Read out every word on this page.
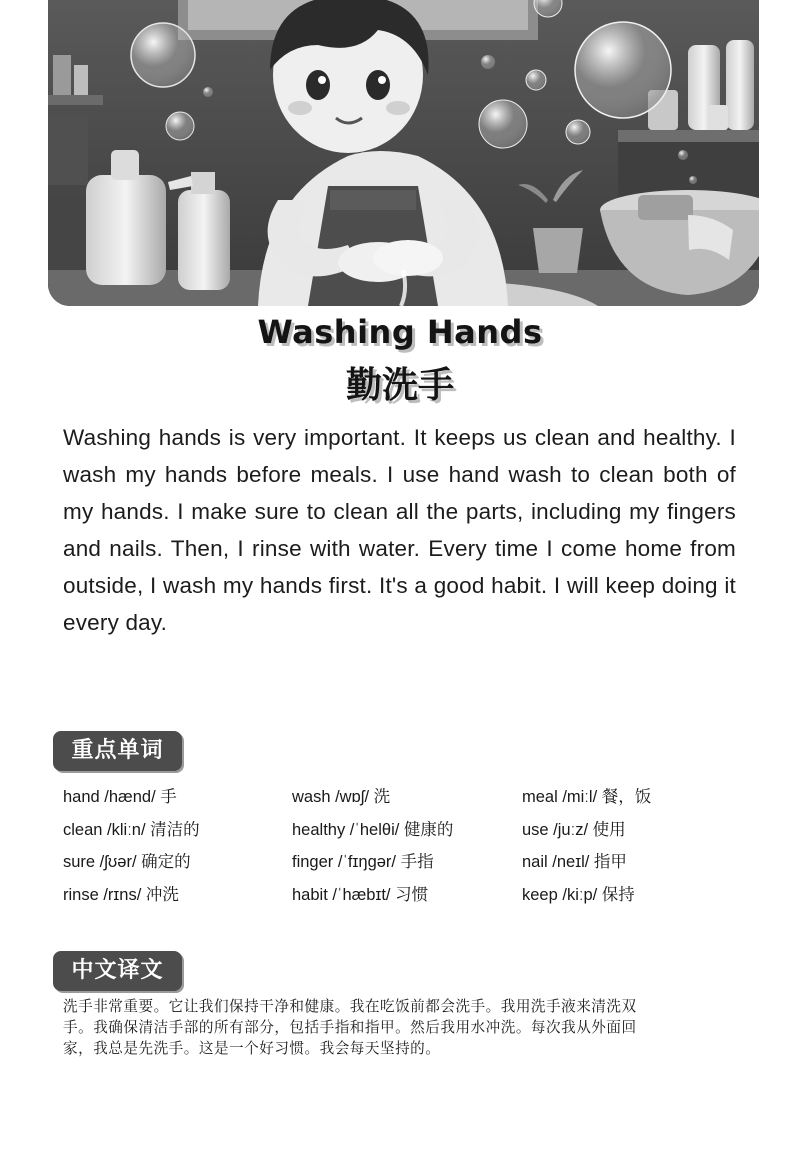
Washing Hands
勤洗手
Washing hands is very important. It keeps us clean and healthy. I wash my hands before meals. I use hand wash to clean both of my hands. I make sure to clean all the parts, including my fingers and nails. Then, I rinse with water. Every time I come home from outside, I wash my hands first. It's a good habit. I will keep doing it every day.
重点单词
hand /hænd/ 手	wash /wɒʃ/ 洗	meal /miːl/ 餐，饭
clean /kliːn/ 清洁的	healthy /ˈhelθi/ 健康的	use /juːz/ 使用
sure /ʃʊər/ 确定的	finger /ˈfɪŋgər/ 手指	nail /neɪl/ 指甲
rinse /rɪns/ 冲洗	habit /ˈhæbɪt/ 习惯	keep /kiːp/ 保持
中文译文
洗手非常重要。它让我们保持干净和健康。我在吃饭前都会洗手。我用洗手液来清洗双手。我确保清洁手部的所有部分，包括手指和指甲。然后我用水冲洗。每次我从外面回家，我总是先洗手。这是一个好习惯。我会每天坚持的。
